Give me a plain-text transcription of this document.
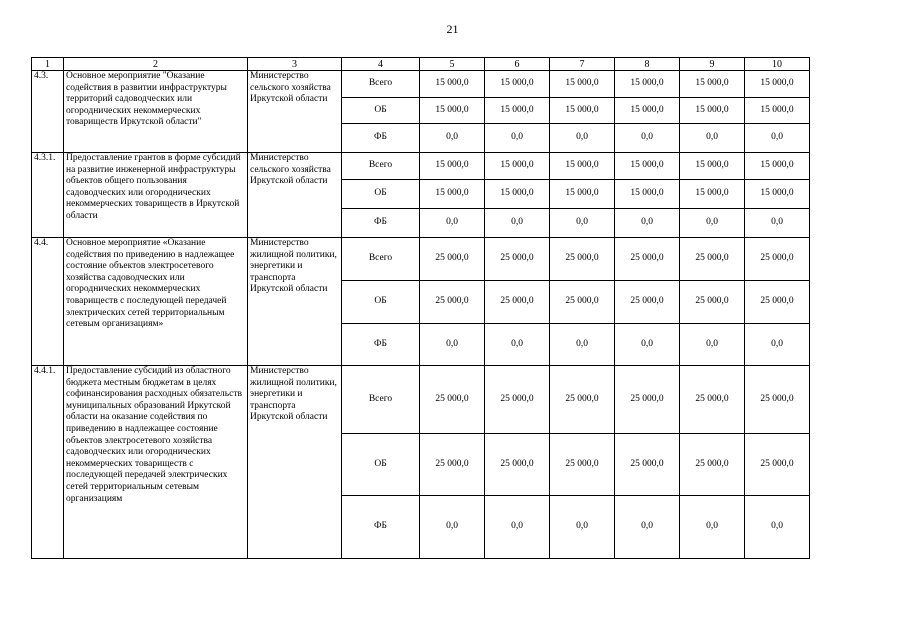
21
1	2	3	4	5	6	7	8	9	10
4.3.	Основное мероприятие "Оказание содействия в развитии инфраструктуры территорий садоводческих или огороднических некоммерческих товариществ Иркутской области"	Министерство сельского хозяйства Иркутской области	Всего	15 000,0	15 000,0	15 000,0	15 000,0	15 000,0	15 000,0
			ОБ	15 000,0	15 000,0	15 000,0	15 000,0	15 000,0	15 000,0
			ФБ	0,0	0,0	0,0	0,0	0,0	0,0
4.3.1.	Предоставление грантов в форме субсидий на развитие инженерной инфраструктуры объектов общего пользования садоводческих или огороднических некоммерческих товариществ в Иркутской области	Министерство сельского хозяйства Иркутской области	Всего	15 000,0	15 000,0	15 000,0	15 000,0	15 000,0	15 000,0
			ОБ	15 000,0	15 000,0	15 000,0	15 000,0	15 000,0	15 000,0
			ФБ	0,0	0,0	0,0	0,0	0,0	0,0
4.4.	Основное мероприятие «Оказание содействия по приведению в надлежащее состояние объектов электросетевого хозяйства садоводческих или огороднических некоммерческих товариществ с последующей передачей электрических сетей территориальным сетевым организациям»	Министерство жилищной политики, энергетики и транспорта Иркутской области	Всего	25 000,0	25 000,0	25 000,0	25 000,0	25 000,0	25 000,0
			ОБ	25 000,0	25 000,0	25 000,0	25 000,0	25 000,0	25 000,0
			ФБ	0,0	0,0	0,0	0,0	0,0	0,0
4.4.1.	Предоставление субсидий из областного бюджета местным бюджетам в целях софинансирования расходных обязательств муниципальных образований Иркутской области на оказание содействия по приведению в надлежащее состояние объектов электросетевого хозяйства садоводческих или огороднических некоммерческих товариществ с последующей передачей электрических сетей территориальным сетевым организациям	Министерство жилищной политики, энергетики и транспорта Иркутской области	Всего	25 000,0	25 000,0	25 000,0	25 000,0	25 000,0	25 000,0
			ОБ	25 000,0	25 000,0	25 000,0	25 000,0	25 000,0	25 000,0
			ФБ	0,0	0,0	0,0	0,0	0,0	0,0
